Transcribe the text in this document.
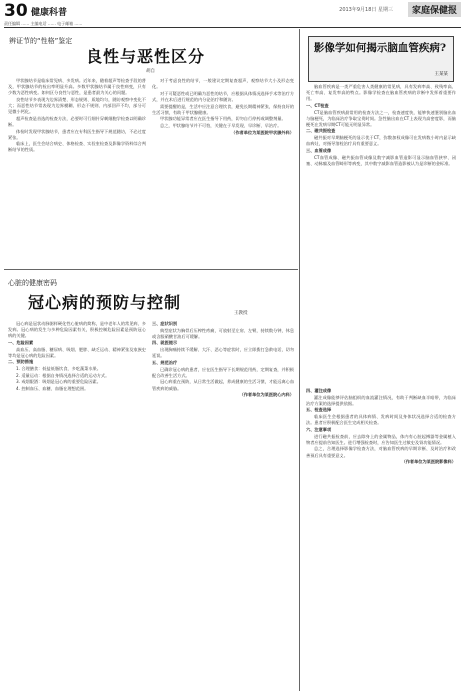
30 健康科普	2013年9月18日 星期三	家庭保健报
责任编辑 …… 主编电话 …… 电子邮箱 ……
辨证节的“性格”鉴定
良性与恶性区分
胡自

甲状腺结节是临床常见病、多发病。近年来，随着超声等检查手段的普及，甲状腺结节的检出率明显升高。多数甲状腺结节属于良性病变，只有少数为恶性病变。如何区分良性与恶性，是患者最为关心的问题。

良性结节多表现为边界清楚、形态规则、质地均匀，随访观察中变化不大；而恶性结节常表现为边界模糊、形态不规则、内部回声不均，部分可见微小钙化。

超声检查是首选的检查方法，必要时可行细针穿刺细胞学检查以明确诊断。

体检时发现甲状腺结节，患者应在专科医生指导下规范随访，不必过度紧张。

临床上，医生会结合病史、体格检查、实验室检查及影像学资料综合判断结节的性质。

对于考虑良性的结节，一般建议定期复查超声，观察结节大小及形态变化。

对于可疑恶性或已明确为恶性的结节，应根据具体情况选择手术等治疗方式，并在术后进行规范的内分泌治疗和随访。

需要提醒的是，生活中应注意合理饮食，避免长期精神紧张，保持良好的生活习惯，有助于甲状腺健康。

甲状腺功能异常者应在医生指导下用药，切勿自行停药或调整剂量。

总之，甲状腺结节并不可怕，关键在于早发现、早诊断、早治疗。

（作者单位为某医院甲状腺外科）

心脏的健康密码
冠心病的预防与控制
王教授

冠心病是冠状动脉粥样硬化性心脏病的简称，是中老年人的常见病、多发病。冠心病的发生与多种危险因素有关，积极控制危险因素是预防冠心病的关键。

一、危险因素

高血压、高血脂、糖尿病、吸烟、肥胖、缺乏运动、精神紧张及家族史等均是冠心病的危险因素。

二、预防措施

1. 合理膳食：低盐低脂饮食，多吃蔬菜水果。

2. 适量运动：根据自身情况选择合适的运动方式。

3. 戒烟限酒：吸烟是冠心病的重要危险因素。

4. 控制血压、血糖、血脂在理想范围。

三、症状识别

典型症状为胸骨后压榨性疼痛，可放射至左肩、左臂，持续数分钟，休息或含服硝酸甘油后可缓解。

四、就医提示

出现胸痛持续不缓解、大汗、恶心等症状时，应立即拨打急救电话，切勿延误。

五、规范治疗

已确诊冠心病的患者，应在医生指导下长期规范用药，定期复查，并积极配合改善生活方式。

冠心病重在预防，从日常生活做起，养成健康的生活习惯，才能远离心血管疾病的威胁。

（作者单位为某医院心内科）

影像学如何揭示脑血管疾病?
王某某

脑血管疾病是一类严重危害人类健康的常见病，具有发病率高、致残率高、死亡率高、复发率高的特点。影像学检查在脑血管疾病的诊断中发挥着重要作用。

一、CT检查

CT是脑血管疾病最常用的检查方法之一，检查速度快，能够快速鉴别脑出血与脑梗死，为临床治疗争取宝贵时间。急性脑出血在CT上表现为高密度影，而脑梗死在发病早期CT可能无明显异常。

二、磁共振检查

磁共振对早期脑梗死的显示优于CT，弥散加权成像可在发病数小时内显示缺血病灶，对指导溶栓治疗具有重要意义。

三、血管成像

CT血管成像、磁共振血管成像及数字减影血管造影可显示脑血管狭窄、闭塞、动脉瘤及血管畸形等病变，其中数字减影血管造影被认为是诊断的金标准。

四、灌注成像

灌注成像能够评估脑组织的血流灌注情况，有助于判断缺血半暗带，为临床治疗方案的选择提供依据。

五、检查选择

临床医生会根据患者的具体病情、发病时间及身体状况选择合适的检查方法。患者应积极配合医生完成相关检查。

六、注意事项

进行磁共振检查前，应去除身上的金属物品，体内有心脏起搏器等金属植入物者应提前告知医生。进行增强检查时，应告知医生过敏史及肾功能情况。

总之，合理选择影像学检查方法，对脑血管疾病的早期诊断、及时治疗和改善预后具有重要意义。

（作者单位为某医院影像科）
